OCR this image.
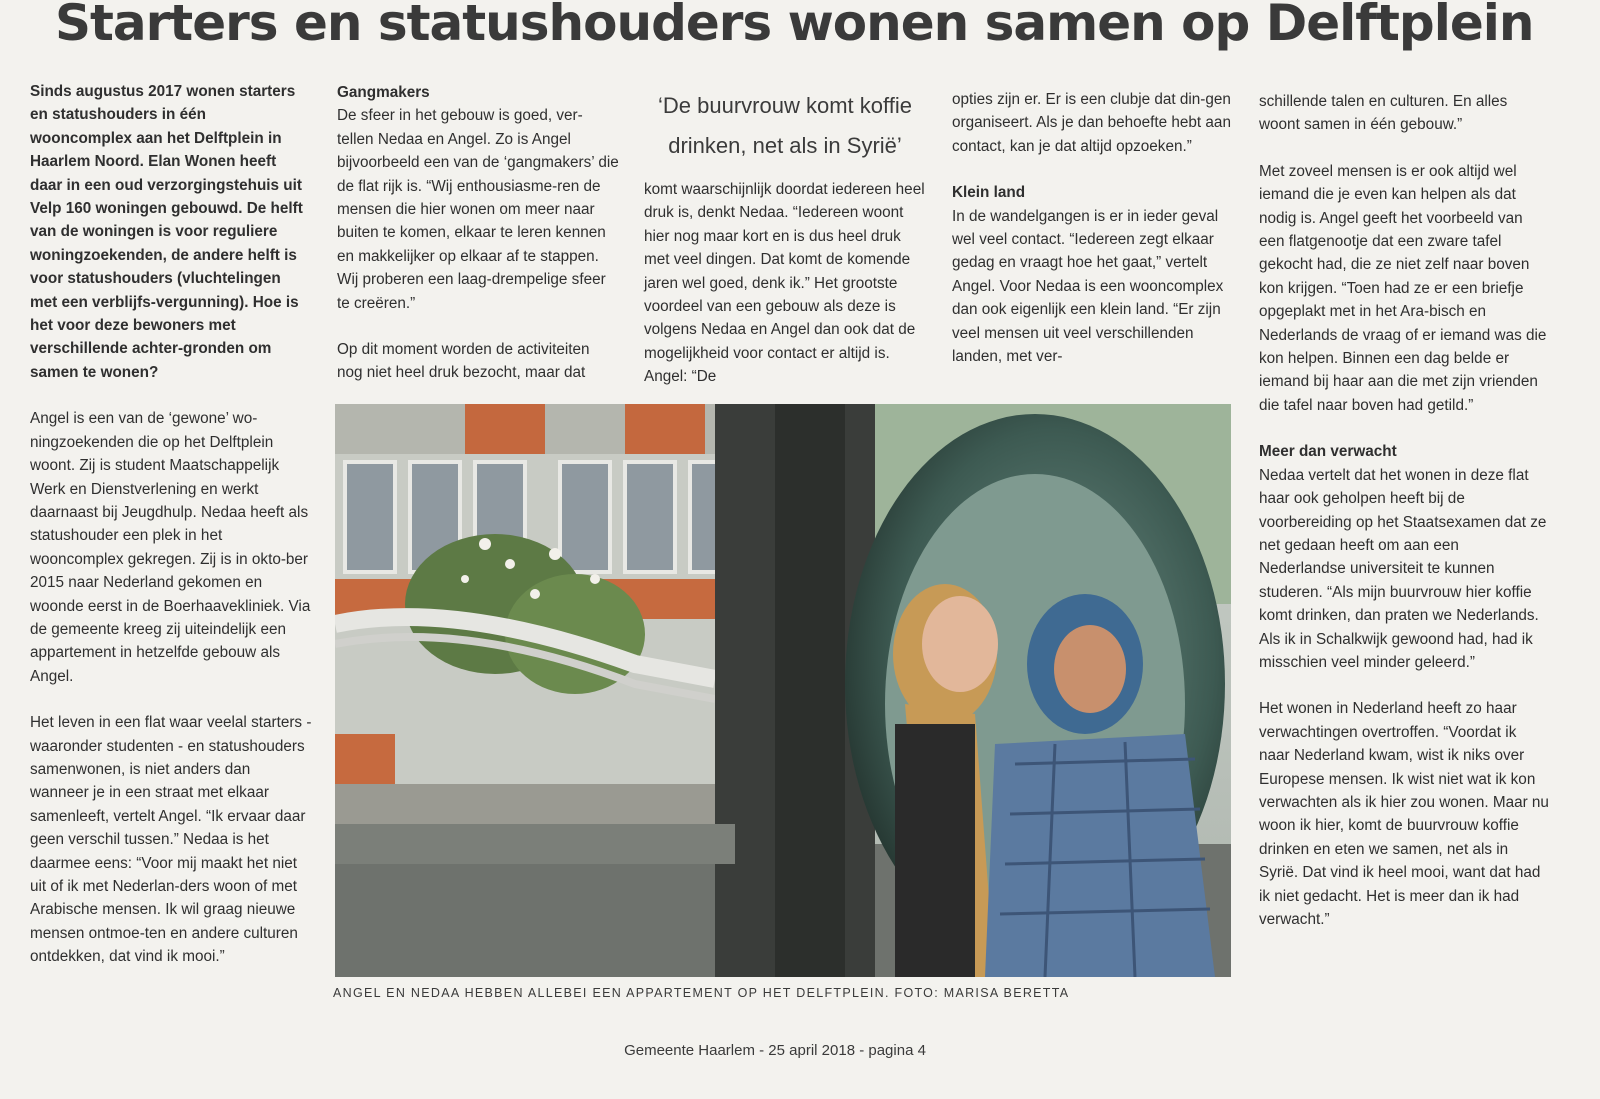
Starters en statushouders wonen samen op Delftplein

Sinds augustus 2017 wonen starters en statushouders in één wooncomplex aan het Delftplein in Haarlem Noord. Elan Wonen heeft daar in een oud verzorgingstehuis uit Velp 160 woningen gebouwd. De helft van de woningen is voor reguliere woningzoekenden, de andere helft is voor statushouders (vluchtelingen met een verblijfs-vergunning). Hoe is het voor deze bewoners met verschillende achter-gronden om samen te wonen?

Angel is een van de ‘gewone’ wo-ningzoekenden die op het Delftplein woont. Zij is student Maatschappelijk Werk en Dienstverlening en werkt daarnaast bij Jeugdhulp. Nedaa heeft als statushouder een plek in het wooncomplex gekregen. Zij is in okto-ber 2015 naar Nederland gekomen en woonde eerst in de Boerhaavekliniek. Via de gemeente kreeg zij uiteindelijk een appartement in hetzelfde gebouw als Angel.

Het leven in een flat waar veelal starters - waaronder studenten - en statushouders samenwonen, is niet anders dan wanneer je in een straat met elkaar samenleeft, vertelt Angel. “Ik ervaar daar geen verschil tussen.” Nedaa is het daarmee eens: “Voor mij maakt het niet uit of ik met Nederlan-ders woon of met Arabische mensen. Ik wil graag nieuwe mensen ontmoe-ten en andere culturen ontdekken, dat vind ik mooi.”

Gangmakers

De sfeer in het gebouw is goed, ver-tellen Nedaa en Angel. Zo is Angel bijvoorbeeld een van de ‘gangmakers’ die de flat rijk is. “Wij enthousiasme-ren de mensen die hier wonen om meer naar buiten te komen, elkaar te leren kennen en makkelijker op elkaar af te stappen. Wij proberen een laag-drempelige sfeer te creëren.”

Op dit moment worden de activiteiten nog niet heel druk bezocht, maar dat

‘De buurvrouw komt koffie drinken, net als in Syrië’

komt waarschijnlijk doordat iedereen heel druk is, denkt Nedaa. “Iedereen woont hier nog maar kort en is dus heel druk met veel dingen. Dat komt de komende jaren wel goed, denk ik.” Het grootste voordeel van een gebouw als deze is volgens Nedaa en Angel dan ook dat de mogelijkheid voor contact er altijd is. Angel: “De

opties zijn er. Er is een clubje dat din-gen organiseert. Als je dan behoefte hebt aan contact, kan je dat altijd opzoeken.”

Klein land

In de wandelgangen is er in ieder geval wel veel contact. “Iedereen zegt elkaar gedag en vraagt hoe het gaat,” vertelt Angel. Voor Nedaa is een wooncomplex dan ook eigenlijk een klein land. “Er zijn veel mensen uit veel verschillenden landen, met ver-

schillende talen en culturen. En alles woont samen in één gebouw.”

Met zoveel mensen is er ook altijd wel iemand die je even kan helpen als dat nodig is. Angel geeft het voorbeeld van een flatgenootje dat een zware tafel gekocht had, die ze niet zelf naar boven kon krijgen. “Toen had ze er een briefje opgeplakt met in het Ara-bisch en Nederlands de vraag of er iemand was die kon helpen. Binnen een dag belde er iemand bij haar aan die met zijn vrienden die tafel naar boven had getild.”

Meer dan verwacht

Nedaa vertelt dat het wonen in deze flat haar ook geholpen heeft bij de voorbereiding op het Staatsexamen dat ze net gedaan heeft om aan een Nederlandse universiteit te kunnen studeren. “Als mijn buurvrouw hier koffie komt drinken, dan praten we Nederlands. Als ik in Schalkwijk gewoond had, had ik misschien veel minder geleerd.”

Het wonen in Nederland heeft zo haar verwachtingen overtroffen. “Voordat ik naar Nederland kwam, wist ik niks over Europese mensen. Ik wist niet wat ik kon verwachten als ik hier zou wonen. Maar nu woon ik hier, komt de buurvrouw koffie drinken en eten we samen, net als in Syrië. Dat vind ik heel mooi, want dat had ik niet gedacht. Het is meer dan ik had verwacht.”

ANGEL EN NEDAA HEBBEN ALLEBEI EEN APPARTEMENT OP HET DELFTPLEIN. FOTO: MARISA BERETTA
Gemeente Haarlem - 25 april 2018 - pagina 4
